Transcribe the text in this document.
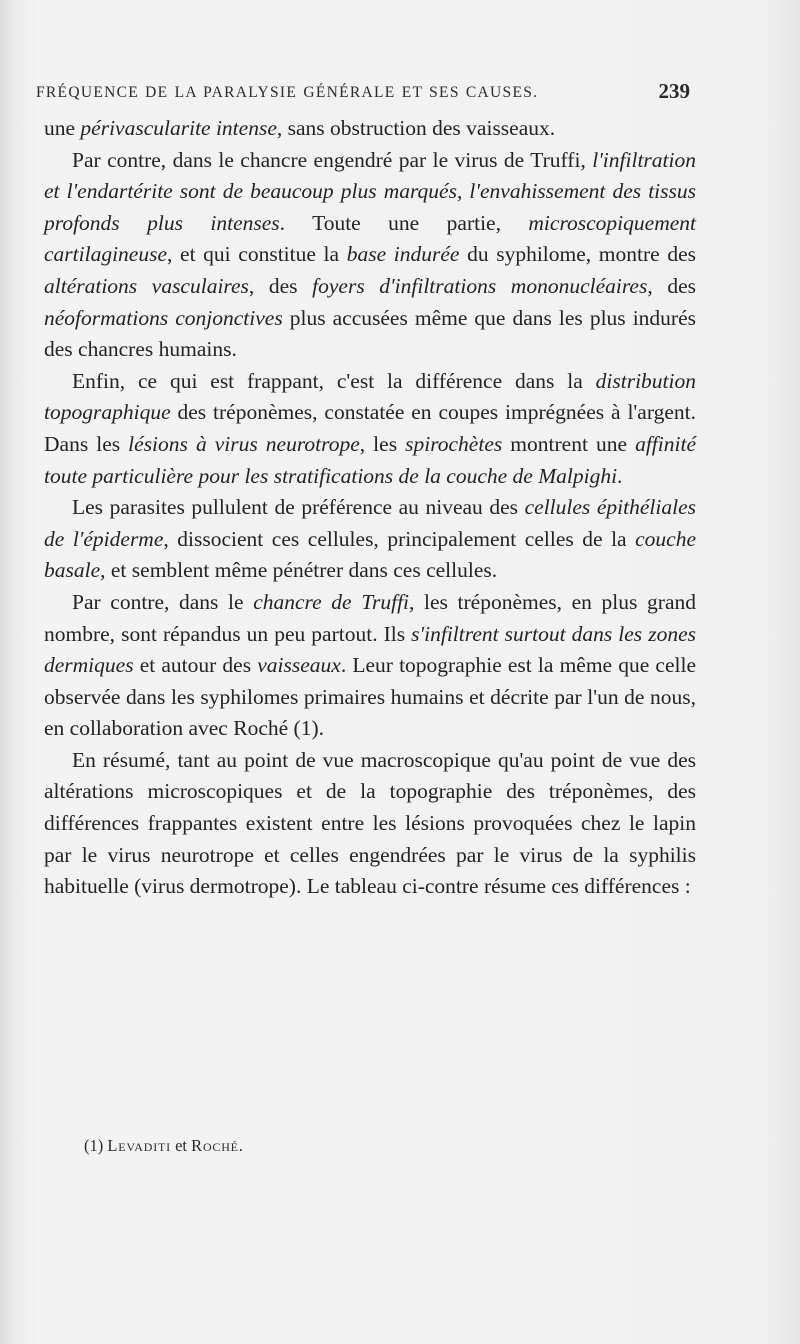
FRÉQUENCE DE LA PARALYSIE GÉNÉRALE ET SES CAUSES.	239

une périvascularite intense, sans obstruction des vaisseaux.

Par contre, dans le chancre engendré par le virus de Truffi, l'infiltration et l'endartérite sont de beaucoup plus marqués, l'envahissement des tissus profonds plus intenses. Toute une partie, microscopiquement cartilagineuse, et qui constitue la base indurée du syphilome, montre des altérations vasculaires, des foyers d'infiltrations mononucléaires, des néoformations conjonctives plus accusées même que dans les plus indurés des chancres humains.

Enfin, ce qui est frappant, c'est la différence dans la distribution topographique des tréponèmes, constatée en coupes imprégnées à l'argent. Dans les lésions à virus neurotrope, les spirochètes montrent une affinité toute particulière pour les stratifications de la couche de Malpighi.

Les parasites pullulent de préférence au niveau des cellules épithéliales de l'épiderme, dissocient ces cellules, principalement celles de la couche basale, et semblent même pénétrer dans ces cellules.

Par contre, dans le chancre de Truffi, les tréponèmes, en plus grand nombre, sont répandus un peu partout. Ils s'infiltrent surtout dans les zones dermiques et autour des vaisseaux. Leur topographie est la même que celle observée dans les syphilomes primaires humains et décrite par l'un de nous, en collaboration avec Roché (1).

En résumé, tant au point de vue macroscopique qu'au point de vue des altérations microscopiques et de la topographie des tréponèmes, des différences frappantes existent entre les lésions provoquées chez le lapin par le virus neurotrope et celles engendrées par le virus de la syphilis habituelle (virus dermotrope). Le tableau ci-contre résume ces différences :

(1) Levaditi et Roché.
